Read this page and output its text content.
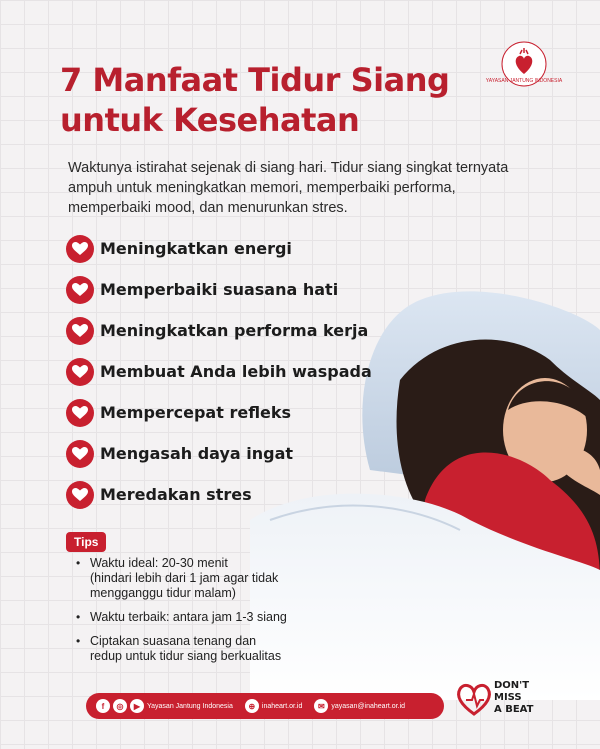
7 Manfaat Tidur Siang
untuk Kesehatan
YAYASAN JANTUNG INDONESIA
Waktunya istirahat sejenak di siang hari. Tidur siang singkat ternyata ampuh untuk meningkatkan memori, memperbaiki performa, memperbaiki mood, dan menurunkan stres.
Meningkatkan energi
Memperbaiki suasana hati
Meningkatkan performa kerja
Membuat Anda lebih waspada
Mempercepat refleks
Mengasah daya ingat
Meredakan stres
Tips
• Waktu ideal: 20-30 menit
(hindari lebih dari 1 jam agar tidak
mengganggu tidur malam)
• Waktu terbaik: antara jam 1-3 siang
• Ciptakan suasana tenang dan
redup untuk tidur siang berkualitas
f	◎	▶ Yayasan Jantung Indonesia	⊕ inaheart.or.id	✉ yayasan@inaheart.or.id
DON'T
MISS
A BEAT
